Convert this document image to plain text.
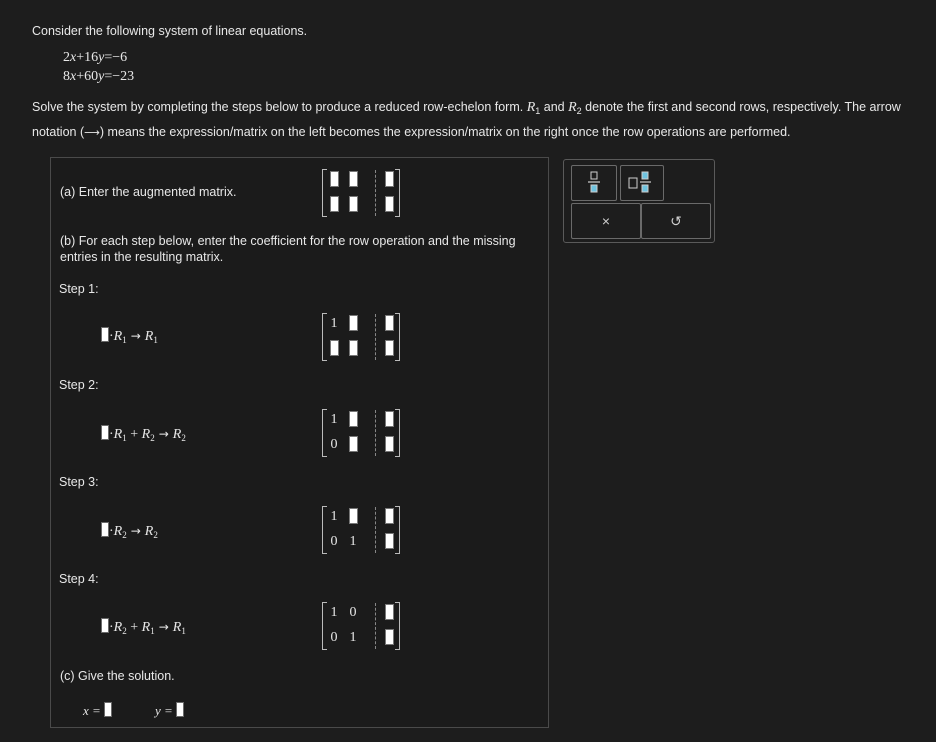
Consider the following system of linear equations.
2x+16y=−6
8x+60y=−23
Solve the system by completing the steps below to produce a reduced row-echelon form. $R_1$ and $R_2$ denote the first and second rows, respectively. The arrow
notation (⟶) means the expression/matrix on the left becomes the expression/matrix on the right once the row operations are performed.
(a) Enter the augmented matrix.
(b) For each step below, enter the coefficient for the row operation and the missing
entries in the resulting matrix.
Step 1:
$\cdot R_1 \to R_1$
1
Step 2:
$\cdot R_1 + R_2 \to R_2$
1
0
Step 3:
$\cdot R_2 \to R_2$
1
0 1
Step 4:
$\cdot R_2 + R_1 \to R_1$
1 0
0 1
(c) Give the solution.
x =	y =
×	↺
